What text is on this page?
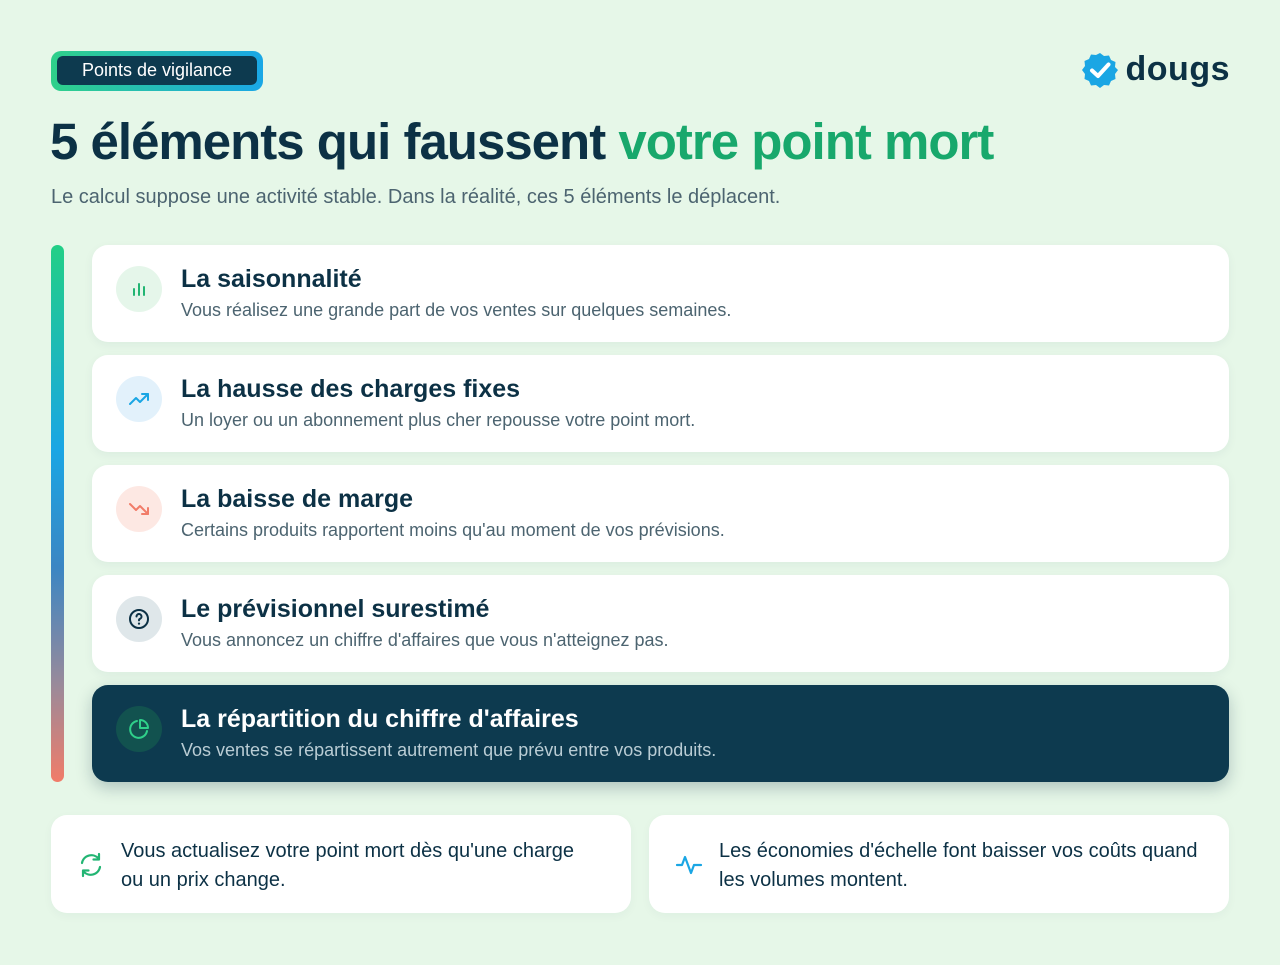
Points de vigilance	dougs
5 éléments qui faussent votre point mort

Le calcul suppose une activité stable. Dans la réalité, ces 5 éléments le déplacent.

La saisonnalité
Vous réalisez une grande part de vos ventes sur quelques semaines.
La hausse des charges fixes
Un loyer ou un abonnement plus cher repousse votre point mort.
La baisse de marge
Certains produits rapportent moins qu'au moment de vos prévisions.
Le prévisionnel surestimé
Vous annoncez un chiffre d'affaires que vous n'atteignez pas.
La répartition du chiffre d'affaires
Vos ventes se répartissent autrement que prévu entre vos produits.

Vous actualisez votre point mort dès qu'une charge ou un prix change.

Les économies d'échelle font baisser vos coûts quand les volumes montent.
